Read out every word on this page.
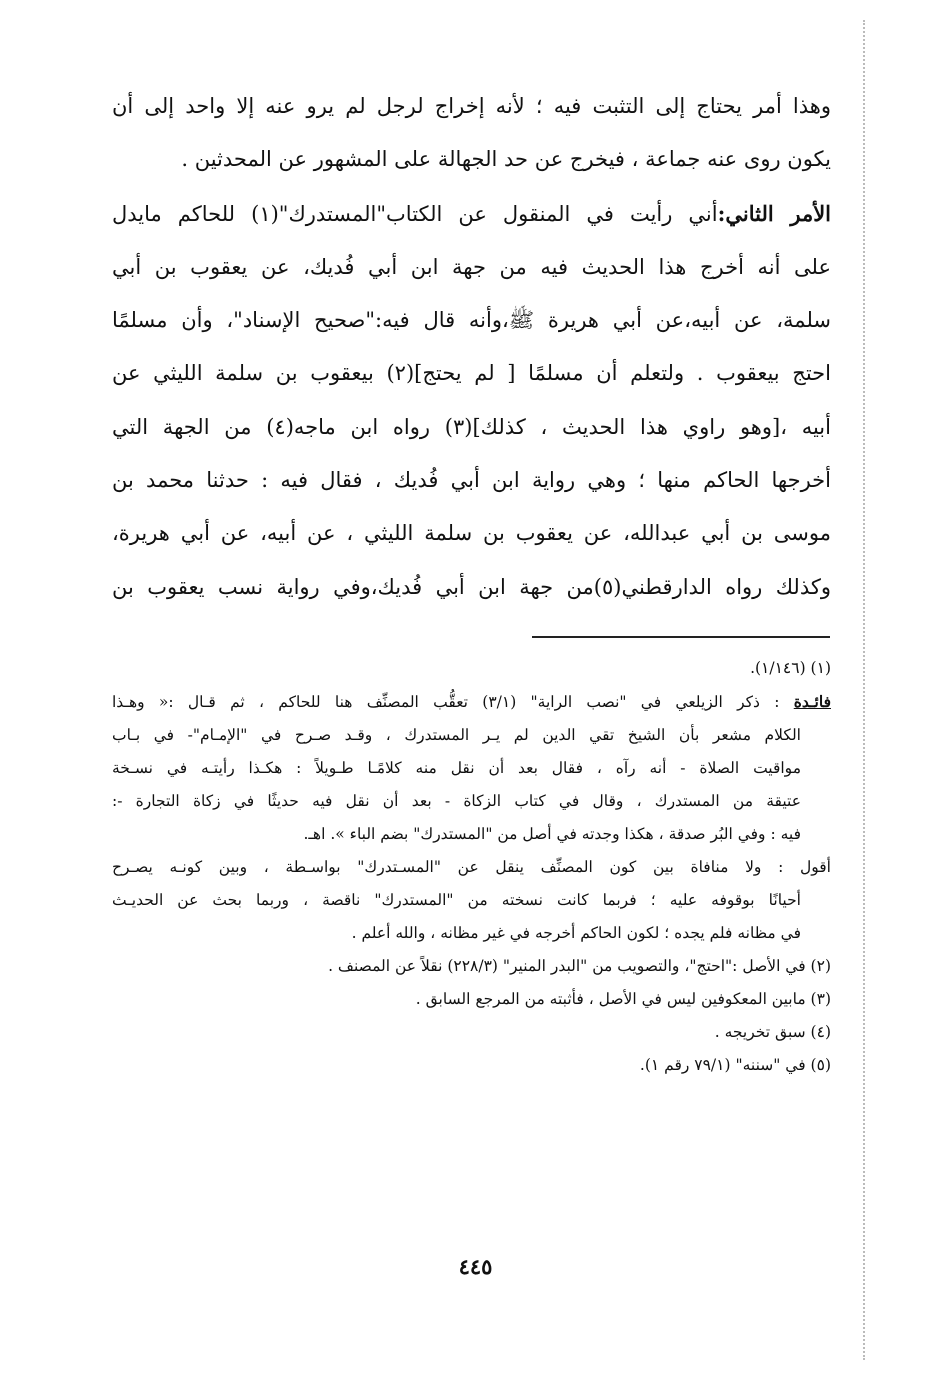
وهذا أمر يحتاج إلى التثبت فيه ؛ لأنه إخراج لرجل لم يرو عنه إلا واحد إلى أن
يكون روى عنه جماعة ، فيخرج عن حد الجهالة على المشهور عن المحدثين .
الأمر الثاني:أني رأيت في المنقول عن الكتاب"المستدرك"(١) للحاكم مايدل
على أنه أخرج هذا الحديث فيه من جهة ابن أبي فُديك، عن يعقوب بن أبي
سلمة، عن أبيه،عن أبي هريرة ﷺ،وأنه قال فيه:"صحيح الإسناد"، وأن مسلمًا
احتج بيعقوب . ولتعلم أن مسلمًا [ لم يحتج](٢) بيعقوب بن سلمة الليثي عن
أبيه ،[وهو راوي هذا الحديث ، كذلك](٣) رواه ابن ماجه(٤) من الجهة التي
أخرجها الحاكم منها ؛ وهي رواية ابن أبي فُديك ، فقال فيه : حدثنا محمد بن
موسى بن أبي عبدالله، عن يعقوب بن سلمة الليثي ، عن أبيه، عن أبي هريرة،
وكذلك رواه الدارقطني(٥)من جهة ابن أبي فُديك،وفي رواية نسب يعقوب بن
(١) (١/١٤٦).
فائـدة : ذكر الزيلعي في "نصب الراية" (٣/١) تعقُّب المصنِّف هنا للحاكم ، ثم قـال :« وهـذا
الكلام مشعر بأن الشيخ تقي الدين لم يـر المستدرك ، وقـد صـرح في "الإمـام"- في بـاب
مواقيت الصلاة - أنه رآه ، فقال بعد أن نقل منه كلامًـا طـويلاً : هكـذا رأيتـه في نسـخة
عتيقة من المستدرك ، وقال في كتاب الزكاة - بعد أن نقل فيه حديثًا في زكاة التجارة -:
فيه : وفي البُر صدقة ، هكذا وجدته في أصل من "المستدرك" بضم الباء ». اهـ.
أقول : ولا منافاة بين كون المصنِّف ينقل عن "المسـتدرك" بواسـطة ، وبين كونـه يصـرح
أحيانًا بوقوفه عليه ؛ فربما كانت نسخته من "المستدرك" ناقصة ، وربما بحث عن الحديـث
في مظانه فلم يجده ؛ لكون الحاكم أخرجه في غير مظانه ، والله أعلم .
(٢) في الأصل :"احتج"، والتصويب من "البدر المنير" (٢٢٨/٣) نقلاً عن المصنف .
(٣) مابين المعكوفين ليس في الأصل ، فأثبته من المرجع السابق .
(٤) سبق تخريجه .
(٥) في "سننه" (٧٩/١ رقم ١).
٤٤٥
